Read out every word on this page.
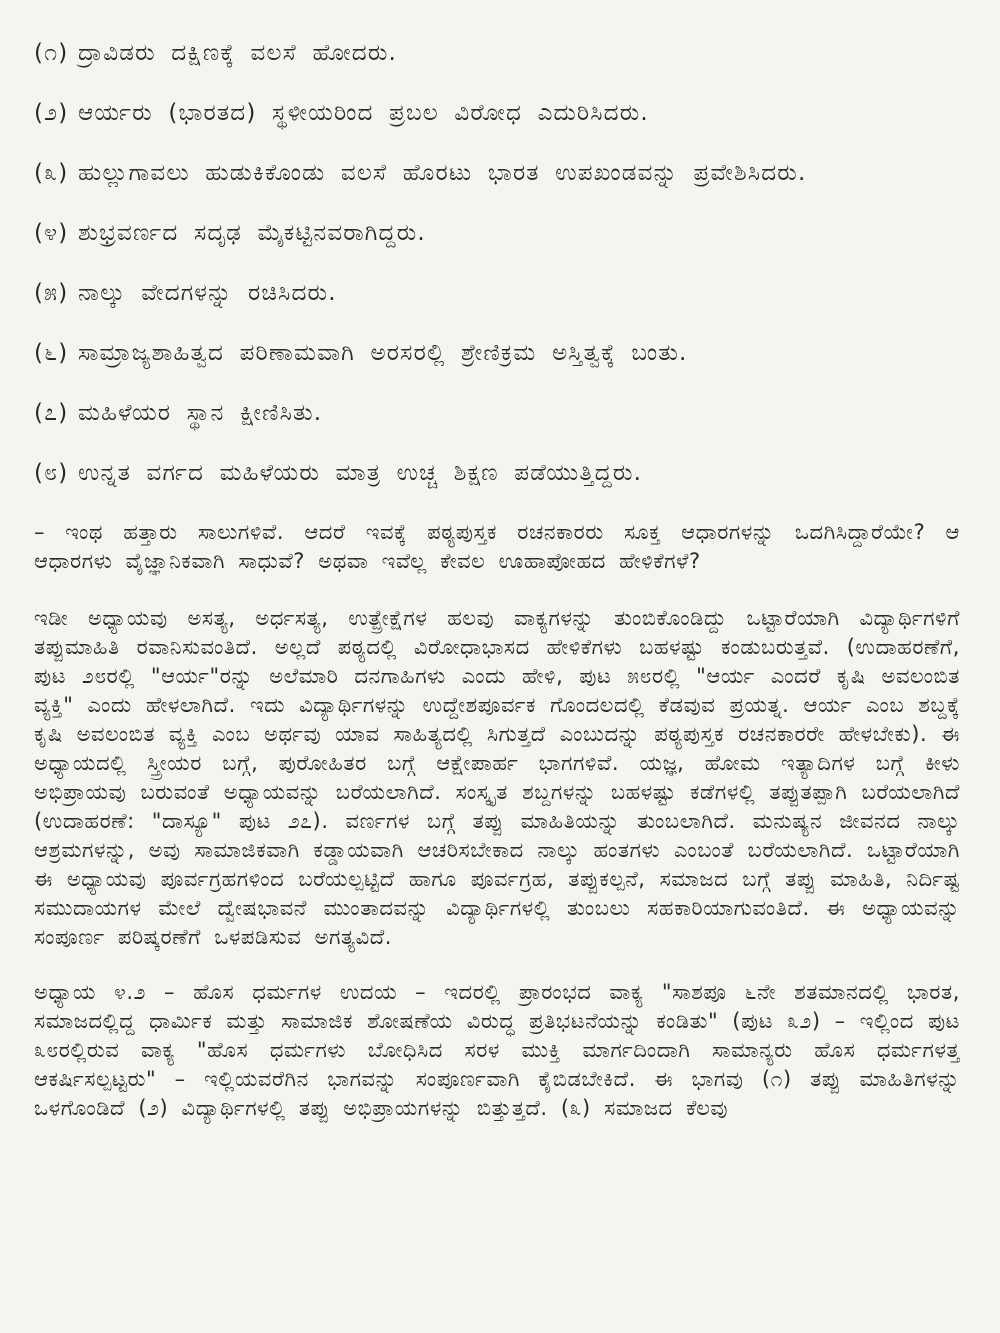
(೧) ದ್ರಾವಿಡರು ದಕ್ಷಿಣಕ್ಕೆ ವಲಸೆ ಹೋದರು.
(೨) ಆರ್ಯರು (ಭಾರತದ) ಸ್ಥಳೀಯರಿಂದ ಪ್ರಬಲ ವಿರೋಧ ಎದುರಿಸಿದರು.
(೩) ಹುಲ್ಲುಗಾವಲು ಹುಡುಕಿಕೊಂಡು ವಲಸೆ ಹೊರಟು ಭಾರತ ಉಪಖಂಡವನ್ನು ಪ್ರವೇಶಿಸಿದರು.
(೪) ಶುಭ್ರವರ್ಣದ ಸದೃಢ ಮೈಕಟ್ಟಿನವರಾಗಿದ್ದರು.
(೫) ನಾಲ್ಕು ವೇದಗಳನ್ನು ರಚಿಸಿದರು.
(೬) ಸಾಮ್ರಾಜ್ಯಶಾಹಿತ್ವದ ಪರಿಣಾಮವಾಗಿ ಅರಸರಲ್ಲಿ ಶ್ರೇಣಿಕ್ರಮ ಅಸ್ತಿತ್ವಕ್ಕೆ ಬಂತು.
(೭) ಮಹಿಳೆಯರ ಸ್ಥಾನ ಕ್ಷೀಣಿಸಿತು.
(೮) ಉನ್ನತ ವರ್ಗದ ಮಹಿಳೆಯರು ಮಾತ್ರ ಉಚ್ಚ ಶಿಕ್ಷಣ ಪಡೆಯುತ್ತಿದ್ದರು.

– ಇಂಥ ಹತ್ತಾರು ಸಾಲುಗಳಿವೆ. ಆದರೆ ಇವಕ್ಕೆ ಪಠ್ಯಪುಸ್ತಕ ರಚನಕಾರರು ಸೂಕ್ತ ಆಧಾರಗಳನ್ನು ಒದಗಿಸಿದ್ದಾರೆಯೇ? ಆ ಆಧಾರಗಳು ವೈಜ್ಞಾನಿಕವಾಗಿ ಸಾಧುವೆ? ಅಥವಾ ಇವೆಲ್ಲ ಕೇವಲ ಊಹಾಪೋಹದ ಹೇಳಿಕೆಗಳೆ?

ಇಡೀ ಅಧ್ಯಾಯವು ಅಸತ್ಯ, ಅರ್ಧಸತ್ಯ, ಉತ್ಪ್ರೇಕ್ಷೆಗಳ ಹಲವು ವಾಕ್ಯಗಳನ್ನು ತುಂಬಿಕೊಂಡಿದ್ದು ಒಟ್ಟಾರೆಯಾಗಿ ವಿದ್ಯಾರ್ಥಿಗಳಿಗೆ ತಪ್ಪುಮಾಹಿತಿ ರವಾನಿಸುವಂತಿದೆ. ಅಲ್ಲದೆ ಪಠ್ಯದಲ್ಲಿ ವಿರೋಧಾಭಾಸದ ಹೇಳಿಕೆಗಳು ಬಹಳಷ್ಟು ಕಂಡುಬರುತ್ತವೆ. (ಉದಾಹರಣೆಗೆ, ಪುಟ ೨೮ರಲ್ಲಿ "ಆರ್ಯ"ರನ್ನು ಅಲೆಮಾರಿ ದನಗಾಹಿಗಳು ಎಂದು ಹೇಳಿ, ಪುಟ ೫೮ರಲ್ಲಿ "ಆರ್ಯ ಎಂದರೆ ಕೃಷಿ ಅವಲಂಬಿತ ವ್ಯಕ್ತಿ" ಎಂದು ಹೇಳಲಾಗಿದೆ. ಇದು ವಿದ್ಯಾರ್ಥಿಗಳನ್ನು ಉದ್ದೇಶಪೂರ್ವಕ ಗೊಂದಲದಲ್ಲಿ ಕೆಡವುವ ಪ್ರಯತ್ನ. ಆರ್ಯ ಎಂಬ ಶಬ್ದಕ್ಕೆ ಕೃಷಿ ಅವಲಂಬಿತ ವ್ಯಕ್ತಿ ಎಂಬ ಅರ್ಥವು ಯಾವ ಸಾಹಿತ್ಯದಲ್ಲಿ ಸಿಗುತ್ತದೆ ಎಂಬುದನ್ನು ಪಠ್ಯಪುಸ್ತಕ ರಚನಕಾರರೇ ಹೇಳಬೇಕು). ಈ ಅಧ್ಯಾಯದಲ್ಲಿ ಸ್ತ್ರೀಯರ ಬಗ್ಗೆ, ಪುರೋಹಿತರ ಬಗ್ಗೆ ಆಕ್ಷೇಪಾರ್ಹ ಭಾಗಗಳಿವೆ. ಯಜ್ಞ, ಹೋಮ ಇತ್ಯಾದಿಗಳ ಬಗ್ಗೆ ಕೀಳು ಅಭಿಪ್ರಾಯವು ಬರುವಂತೆ ಅಧ್ಯಾಯವನ್ನು ಬರೆಯಲಾಗಿದೆ. ಸಂಸ್ಕೃತ ಶಬ್ದಗಳನ್ನು ಬಹಳಷ್ಟು ಕಡೆಗಳಲ್ಲಿ ತಪ್ಪುತಪ್ಪಾಗಿ ಬರೆಯಲಾಗಿದೆ (ಉದಾಹರಣೆ: "ದಾಸ್ಯೂ" ಪುಟ ೨೭). ವರ್ಣಗಳ ಬಗ್ಗೆ ತಪ್ಪು ಮಾಹಿತಿಯನ್ನು ತುಂಬಲಾಗಿದೆ. ಮನುಷ್ಯನ ಜೀವನದ ನಾಲ್ಕು ಆಶ್ರಮಗಳನ್ನು, ಅವು ಸಾಮಾಜಿಕವಾಗಿ ಕಡ್ಡಾಯವಾಗಿ ಆಚರಿಸಬೇಕಾದ ನಾಲ್ಕು ಹಂತಗಳು ಎಂಬಂತೆ ಬರೆಯಲಾಗಿದೆ. ಒಟ್ಟಾರೆಯಾಗಿ ಈ ಅಧ್ಯಾಯವು ಪೂರ್ವಗ್ರಹಗಳಿಂದ ಬರೆಯಲ್ಪಟ್ಟಿದೆ ಹಾಗೂ ಪೂರ್ವಗ್ರಹ, ತಪ್ಪುಕಲ್ಪನೆ, ಸಮಾಜದ ಬಗ್ಗೆ ತಪ್ಪು ಮಾಹಿತಿ, ನಿರ್ದಿಷ್ಟ ಸಮುದಾಯಗಳ ಮೇಲೆ ದ್ವೇಷಭಾವನೆ ಮುಂತಾದವನ್ನು ವಿದ್ಯಾರ್ಥಿಗಳಲ್ಲಿ ತುಂಬಲು ಸಹಕಾರಿಯಾಗುವಂತಿದೆ. ಈ ಅಧ್ಯಾಯವನ್ನು ಸಂಪೂರ್ಣ ಪರಿಷ್ಕರಣೆಗೆ ಒಳಪಡಿಸುವ ಅಗತ್ಯವಿದೆ.

ಅಧ್ಯಾಯ ೪.೨ – ಹೊಸ ಧರ್ಮಗಳ ಉದಯ – ಇದರಲ್ಲಿ ಪ್ರಾರಂಭದ ವಾಕ್ಯ "ಸಾಶಪೂ ೬ನೇ ಶತಮಾನದಲ್ಲಿ ಭಾರತ, ಸಮಾಜದಲ್ಲಿದ್ದ ಧಾರ್ಮಿಕ ಮತ್ತು ಸಾಮಾಜಿಕ ಶೋಷಣೆಯ ವಿರುದ್ಧ ಪ್ರತಿಭಟನೆಯನ್ನು ಕಂಡಿತು" (ಪುಟ ೩೨) – ಇಲ್ಲಿಂದ ಪುಟ ೩೮ರಲ್ಲಿರುವ ವಾಕ್ಯ "ಹೊಸ ಧರ್ಮಗಳು ಬೋಧಿಸಿದ ಸರಳ ಮುಕ್ತಿ ಮಾರ್ಗದಿಂದಾಗಿ ಸಾಮಾನ್ಯರು ಹೊಸ ಧರ್ಮಗಳತ್ತ ಆಕರ್ಷಿಸಲ್ಪಟ್ಟರು" – ಇಲ್ಲಿಯವರೆಗಿನ ಭಾಗವನ್ನು ಸಂಪೂರ್ಣವಾಗಿ ಕೈಬಿಡಬೇಕಿದೆ. ಈ ಭಾಗವು (೧) ತಪ್ಪು ಮಾಹಿತಿಗಳನ್ನು ಒಳಗೊಂಡಿದೆ (೨) ವಿದ್ಯಾರ್ಥಿಗಳಲ್ಲಿ ತಪ್ಪು ಅಭಿಪ್ರಾಯಗಳನ್ನು ಬಿತ್ತುತ್ತದೆ. (೩) ಸಮಾಜದ ಕೆಲವು
